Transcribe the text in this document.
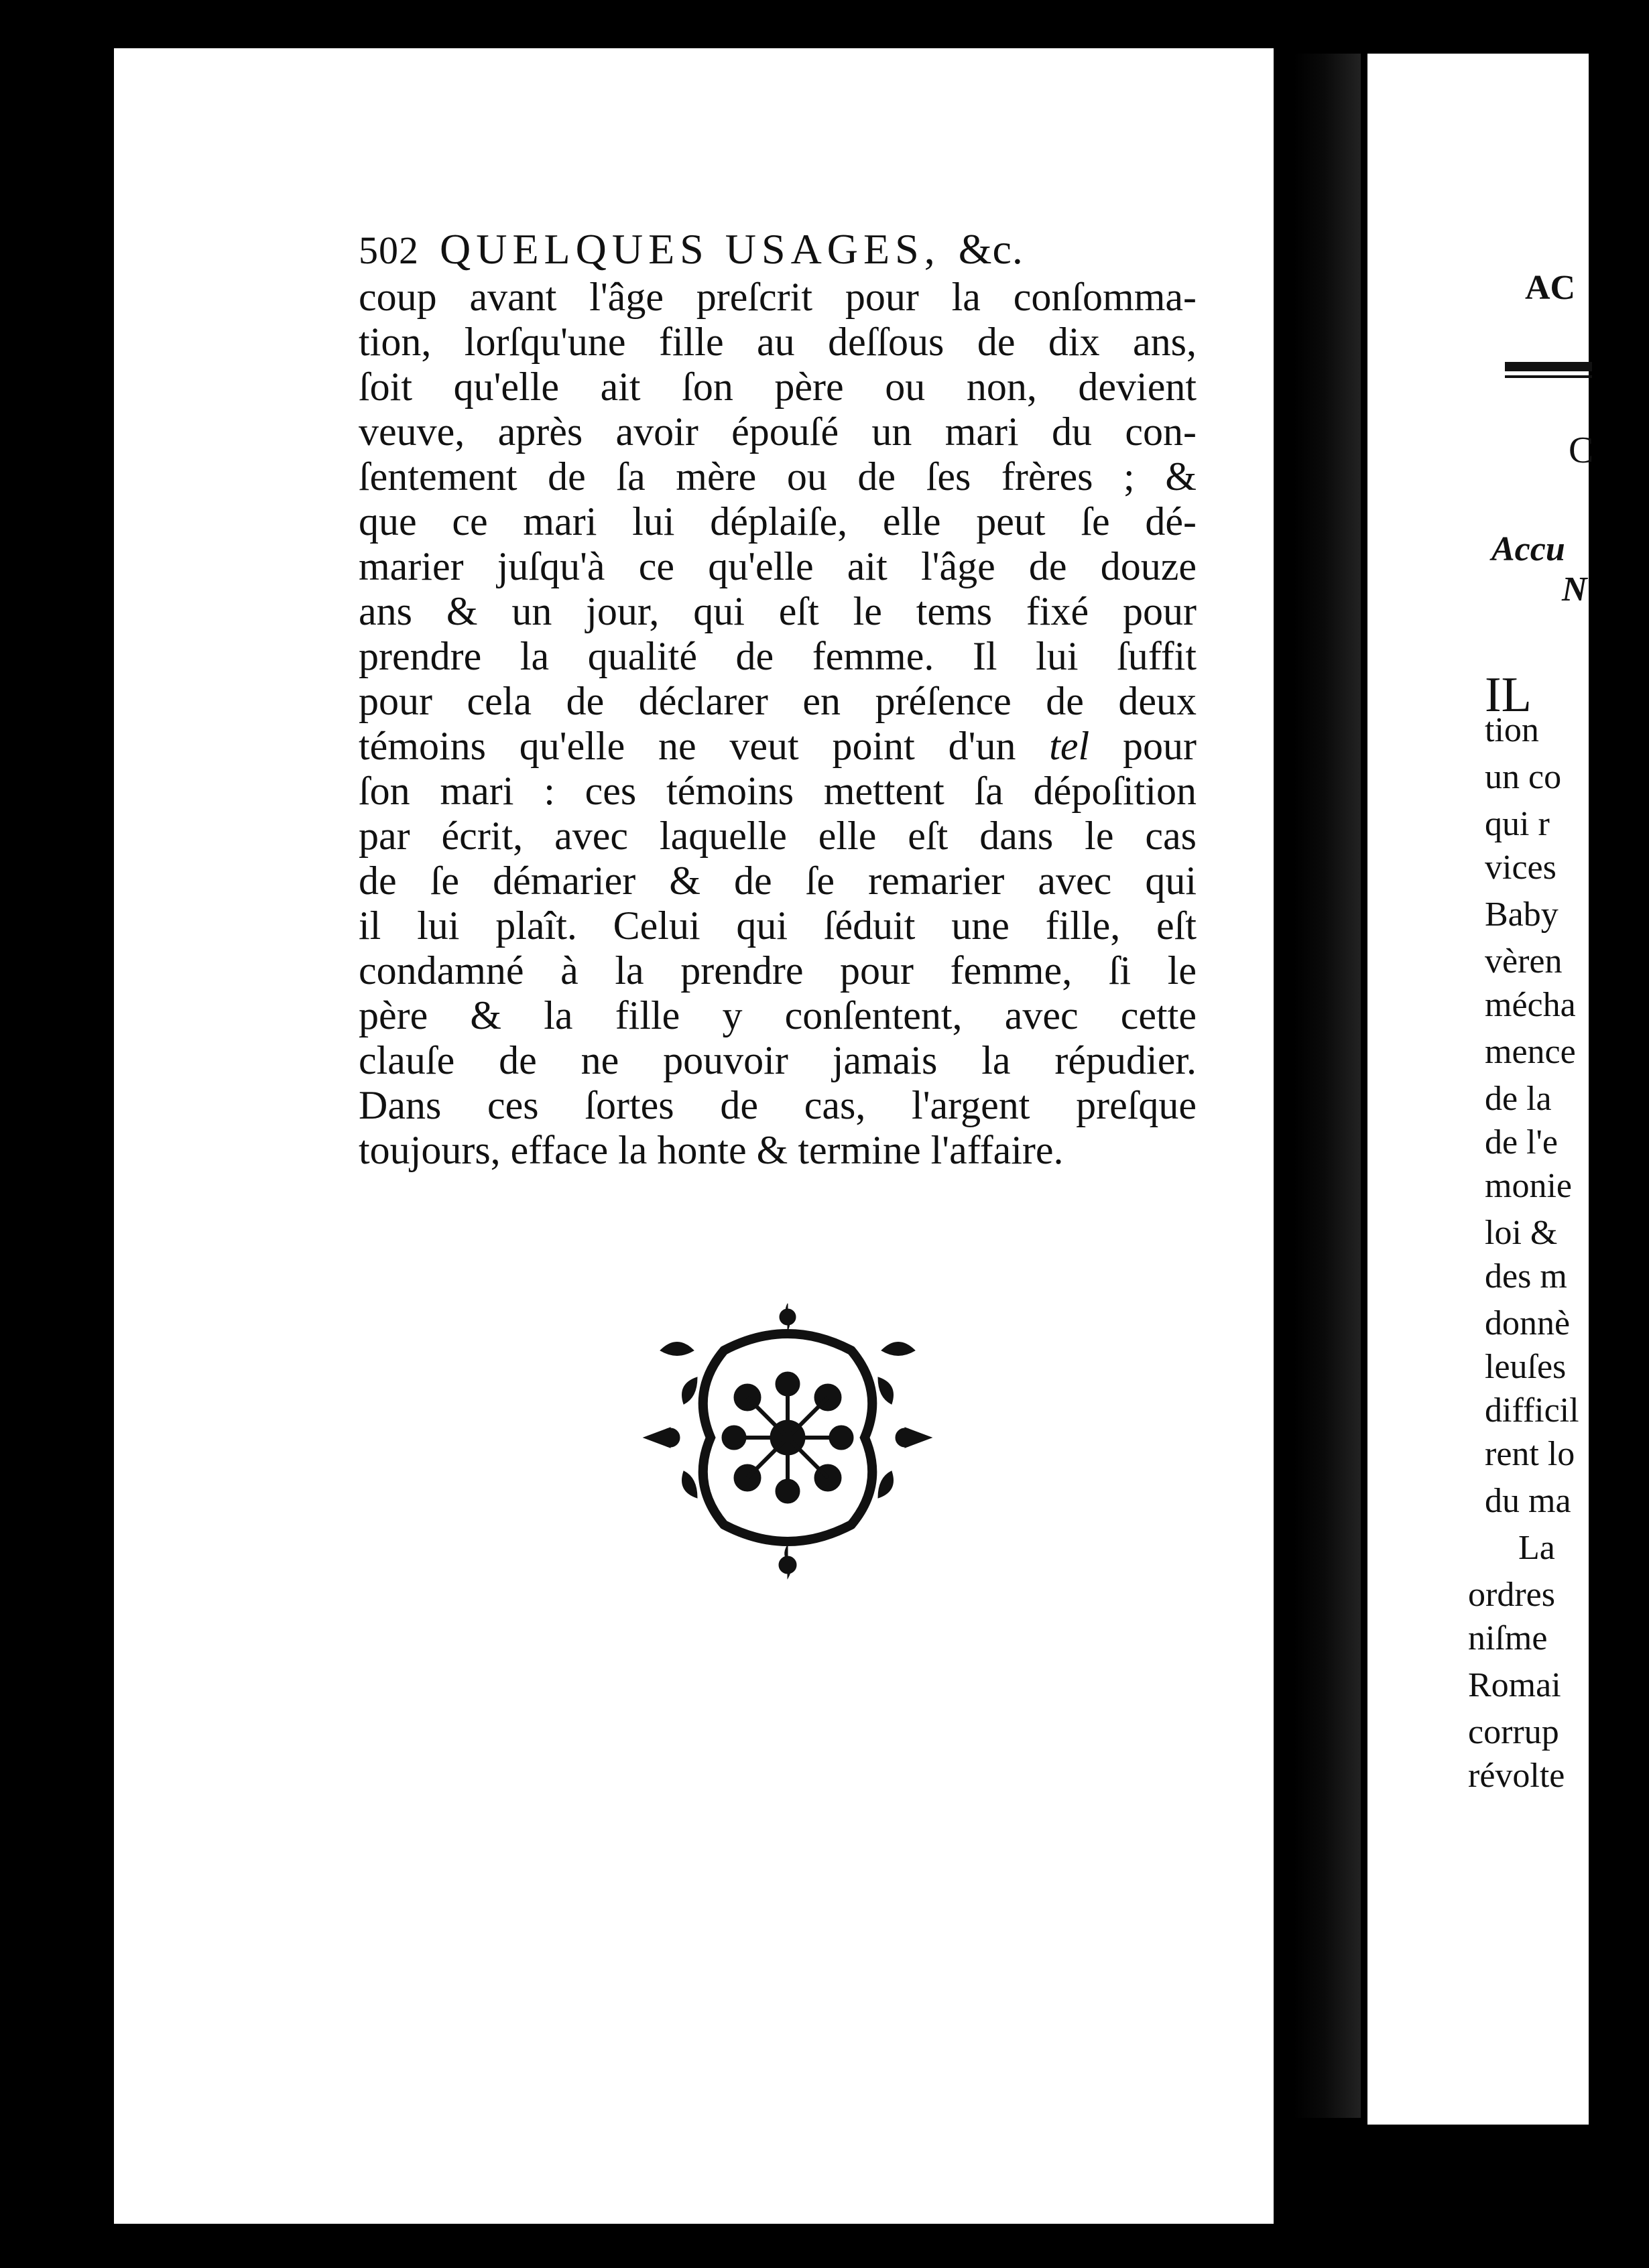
502 QUELQUES USAGES, &c.
coup avant l'âge preſcrit pour la conſomma-
tion, lorſqu'une fille au deſſous de dix ans,
ſoit qu'elle ait ſon père ou non, devient
veuve, après avoir épouſé un mari du con-
ſentement de ſa mère ou de ſes frères ; &
que ce mari lui déplaiſe, elle peut ſe dé-
marier juſqu'à ce qu'elle ait l'âge de douze
ans & un jour, qui eſt le tems fixé pour
prendre la qualité de femme. Il lui ſuffit
pour cela de déclarer en préſence de deux
témoins qu'elle ne veut point d'un tel pour
ſon mari : ces témoins mettent ſa dépoſition
par écrit, avec laquelle elle eſt dans le cas
de ſe démarier & de ſe remarier avec qui
il lui plaît. Celui qui ſéduit une fille, eſt
condamné à la prendre pour femme, ſi le
père & la fille y conſentent, avec cette
clauſe de ne pouvoir jamais la répudier.
Dans ces ſortes de cas, l'argent preſque
toujours, efface la honte & termine l'affaire.
AC
C
Accu
N
IL
tion
un co
qui r
vices
Baby
vèren
mécha
mence
de la
de l'e
monie
loi &
des m
donnè
leuſes
difficil
rent lo
du ma
La
ordres
niſme
Romai
corrup
révolte
